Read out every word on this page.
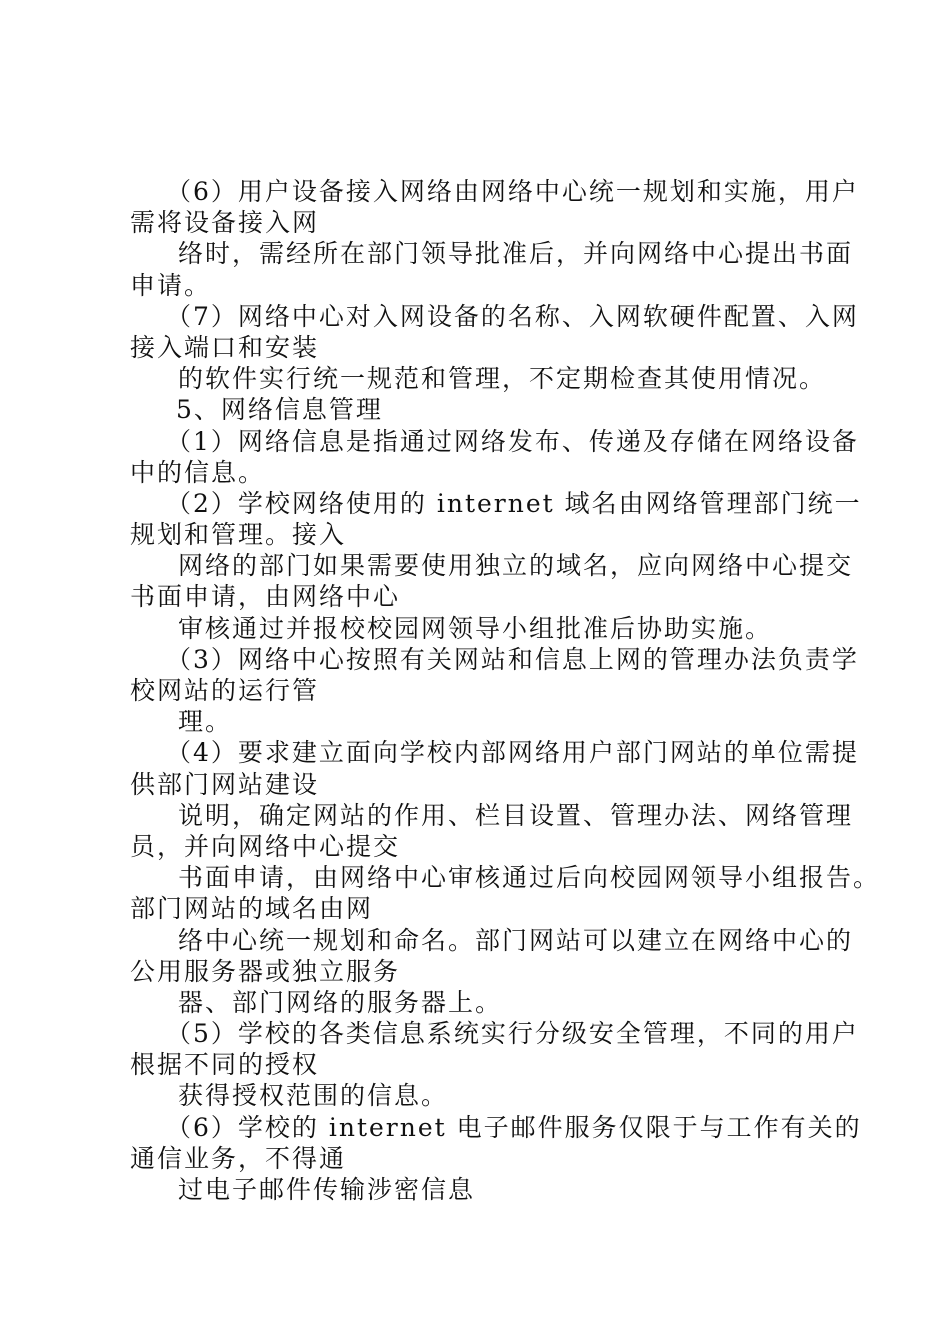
（6）用户设备接入网络由网络中心统一规划和实施，用户
需将设备接入网
络时，需经所在部门领导批准后，并向网络中心提出书面
申请。
（7）网络中心对入网设备的名称、入网软硬件配置、入网
接入端口和安装
的软件实行统一规范和管理，不定期检查其使用情况。
5、网络信息管理
（1）网络信息是指通过网络发布、传递及存储在网络设备
中的信息。
（2）学校网络使用的 internet 域名由网络管理部门统一
规划和管理。接入
网络的部门如果需要使用独立的域名，应向网络中心提交
书面申请，由网络中心
审核通过并报校校园网领导小组批准后协助实施。
（3）网络中心按照有关网站和信息上网的管理办法负责学
校网站的运行管
理。
（4）要求建立面向学校内部网络用户部门网站的单位需提
供部门网站建设
说明，确定网站的作用、栏目设置、管理办法、网络管理
员，并向网络中心提交
书面申请，由网络中心审核通过后向校园网领导小组报告。
部门网站的域名由网
络中心统一规划和命名。部门网站可以建立在网络中心的
公用服务器或独立服务
器、部门网络的服务器上。
（5）学校的各类信息系统实行分级安全管理，不同的用户
根据不同的授权
获得授权范围的信息。
（6）学校的 internet 电子邮件服务仅限于与工作有关的
通信业务，不得通
过电子邮件传输涉密信息
